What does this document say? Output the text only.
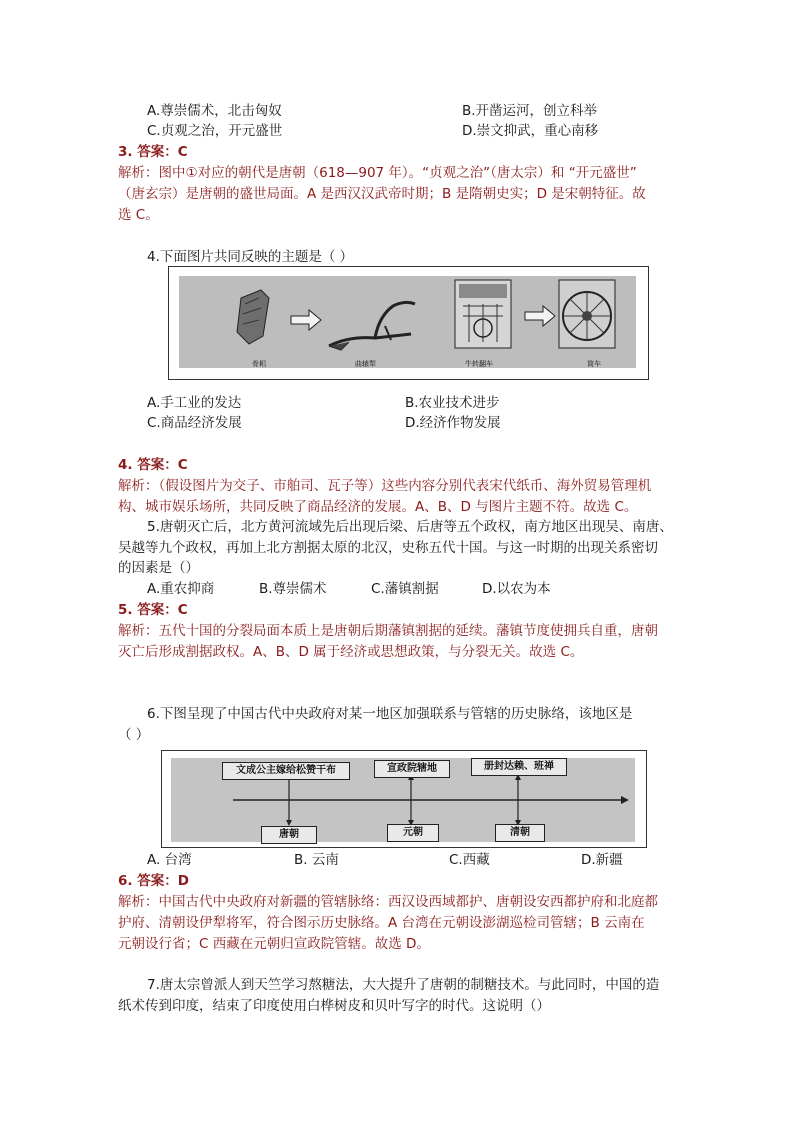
A.尊崇儒术，北击匈奴	B.开凿运河，创立科举
C.贞观之治，开元盛世	D.崇文抑武，重心南移
3. 答案：C
解析：图中①对应的朝代是唐朝（618—907 年）。“贞观之治”（唐太宗）和 “开元盛世”
（唐玄宗）是唐朝的盛世局面。A 是西汉汉武帝时期；B 是隋朝史实；D 是宋朝特征。故
选 C。
4.下面图片共同反映的主题是（ ）
骨耜	曲辕犁	牛转翻车	筒车
A.手工业的发达	B.农业技术进步
C.商品经济发展	D.经济作物发展
4. 答案：C
解析：（假设图片为交子、市舶司、瓦子等）这些内容分别代表宋代纸币、海外贸易管理机
构、城市娱乐场所，共同反映了商品经济的发展。A、B、D 与图片主题不符。故选 C。
5.唐朝灭亡后，北方黄河流域先后出现后梁、后唐等五个政权，南方地区出现吴、南唐、
吴越等九个政权，再加上北方割据太原的北汉，史称五代十国。与这一时期的出现关系密切
的因素是（）
A.重农抑商	B.尊崇儒术	C.藩镇割据	D.以农为本
5. 答案：C
解析：五代十国的分裂局面本质上是唐朝后期藩镇割据的延续。藩镇节度使拥兵自重，唐朝
灭亡后形成割据政权。A、B、D 属于经济或思想政策，与分裂无关。故选 C。
6.下图呈现了中国古代中央政府对某一地区加强联系与管辖的历史脉络，该地区是
（ ）
文成公主嫁给松赞干布	宣政院辖地	册封达赖、班禅
唐朝	元朝	清朝
A. 台湾	B. 云南	C.西藏	D.新疆
6. 答案：D
解析：中国古代中央政府对新疆的管辖脉络：西汉设西域都护、唐朝设安西都护府和北庭都
护府、清朝设伊犁将军，符合图示历史脉络。A 台湾在元朝设澎湖巡检司管辖；B 云南在
元朝设行省；C 西藏在元朝归宣政院管辖。故选 D。
7.唐太宗曾派人到天竺学习熬糖法，大大提升了唐朝的制糖技术。与此同时，中国的造
纸术传到印度，结束了印度使用白桦树皮和贝叶写字的时代。这说明（）
